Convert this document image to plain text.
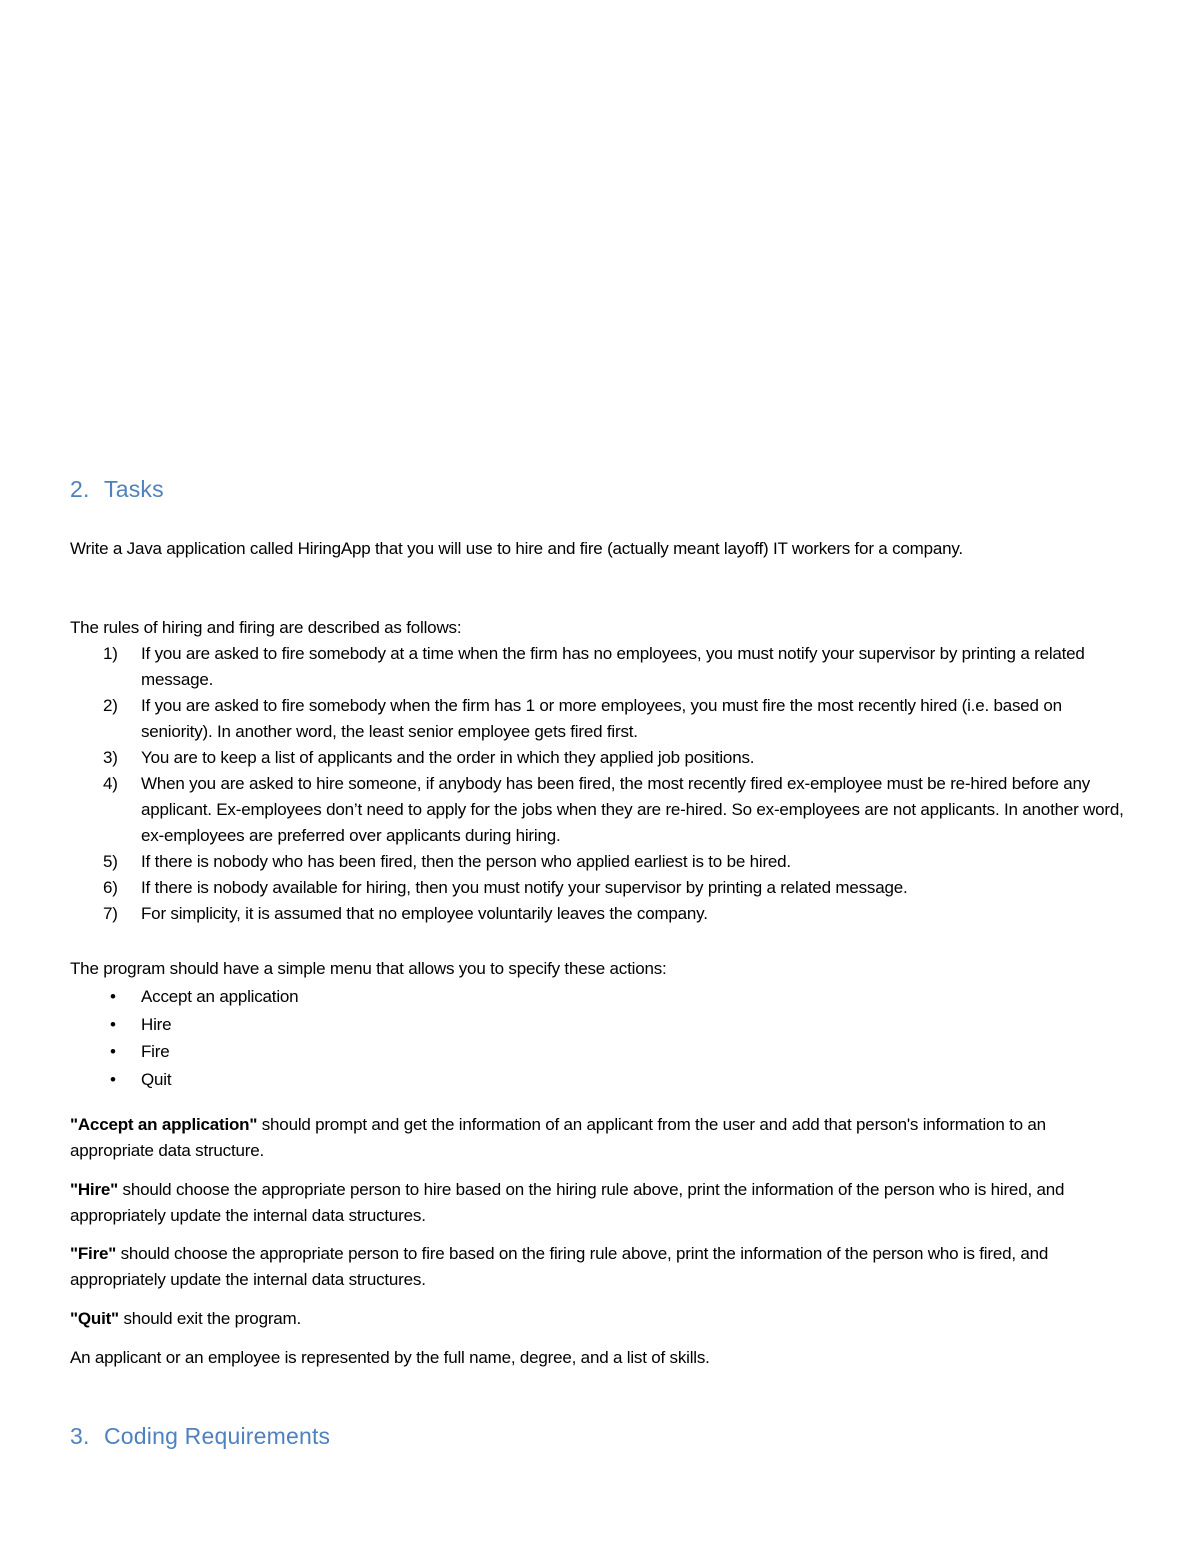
2. Tasks

Write a Java application called HiringApp that you will use to hire and fire (actually meant layoff) IT workers for a company.

The rules of hiring and firing are described as follows:

1) If you are asked to fire somebody at a time when the firm has no employees, you must notify your supervisor by printing a related message.
2) If you are asked to fire somebody when the firm has 1 or more employees, you must fire the most recently hired (i.e. based on seniority). In another word, the least senior employee gets fired first.
3) You are to keep a list of applicants and the order in which they applied job positions.
4) When you are asked to hire someone, if anybody has been fired, the most recently fired ex-employee must be re-hired before any applicant. Ex-employees don’t need to apply for the jobs when they are re-hired. So ex-employees are not applicants. In another word, ex-employees are preferred over applicants during hiring.
5) If there is nobody who has been fired, then the person who applied earliest is to be hired.
6) If there is nobody available for hiring, then you must notify your supervisor by printing a related message.
7) For simplicity, it is assumed that no employee voluntarily leaves the company.

The program should have a simple menu that allows you to specify these actions:

• Accept an application
• Hire
• Fire
• Quit

"Accept an application" should prompt and get the information of an applicant from the user and add that person's information to an appropriate data structure.

"Hire" should choose the appropriate person to hire based on the hiring rule above, print the information of the person who is hired, and appropriately update the internal data structures.

"Fire" should choose the appropriate person to fire based on the firing rule above, print the information of the person who is fired, and appropriately update the internal data structures.

"Quit" should exit the program.

An applicant or an employee is represented by the full name, degree, and a list of skills.

3. Coding Requirements
